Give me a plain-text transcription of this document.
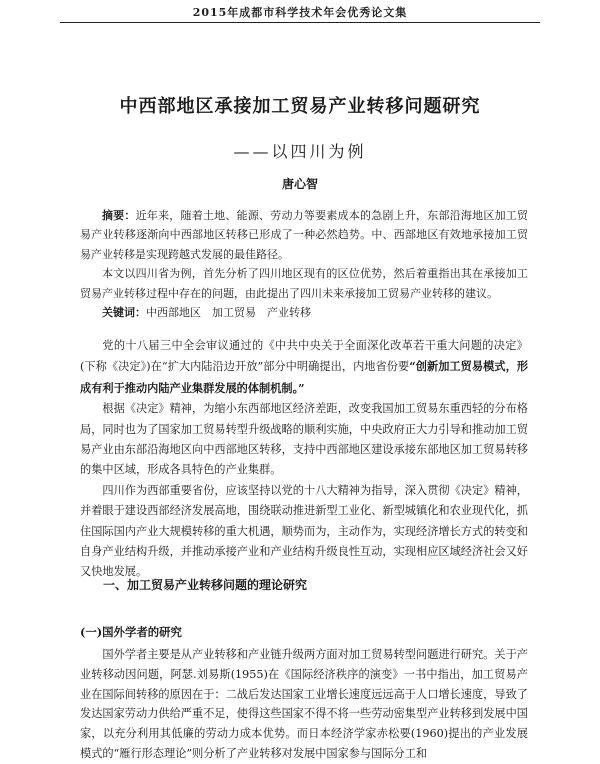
2015年成都市科学技术年会优秀论文集
中西部地区承接加工贸易产业转移问题研究
——以四川为例
唐心智

摘要：近年来，随着土地、能源、劳动力等要素成本的急剧上升，东部沿海地区加工贸易产业转移逐渐向中西部地区转移已形成了一种必然趋势。中、西部地区有效地承接加工贸易产业转移是实现跨越式发展的最佳路径。

本文以四川省为例，首先分析了四川地区现有的区位优势，然后着重指出其在承接加工贸易产业转移过程中存在的问题，由此提出了四川未来承接加工贸易产业转移的建议。

关键词：中西部地区　加工贸易　产业转移

党的十八届三中全会审议通过的《中共中央关于全面深化改革若干重大问题的决定》(下称《决定》)在“扩大内陆沿边开放”部分中明确提出，内地省份要“创新加工贸易模式，形成有利于推动内陆产业集群发展的体制机制。”

根据《决定》精神，为缩小东西部地区经济差距，改变我国加工贸易东重西轻的分布格局，同时也为了国家加工贸易转型升级战略的顺利实施，中央政府正大力引导和推动加工贸易产业由东部沿海地区向中西部地区转移，支持中西部地区建设承接东部地区加工贸易转移的集中区域，形成各具特色的产业集群。

四川作为西部重要省份，应该坚持以党的十八大精神为指导，深入贯彻《决定》精神，并着眼于建设西部经济发展高地，围绕联动推进新型工业化、新型城镇化和农业现代化，抓住国际国内产业大规模转移的重大机遇，顺势而为，主动作为，实现经济增长方式的转变和自身产业结构升级，并推动承接产业和产业结构升级良性互动，实现相应区域经济社会又好又快地发展。

一、加工贸易产业转移问题的理论研究
(一)国外学者的研究

国外学者主要是从产业转移和产业链升级两方面对加工贸易转型问题进行研究。关于产业转移动因问题，阿瑟.刘易斯(1955)在《国际经济秩序的演变》一书中指出，加工贸易产业在国际间转移的原因在于：二战后发达国家工业增长速度远远高于人口增长速度，导致了发达国家劳动力供给严重不足，使得这些国家不得不将一些劳动密集型产业转移到发展中国家，以充分利用其低廉的劳动力成本优势。而日本经济学家赤松要(1960)提出的产业发展模式的“雁行形态理论”则分析了产业转移对发展中国家参与国际分工和
